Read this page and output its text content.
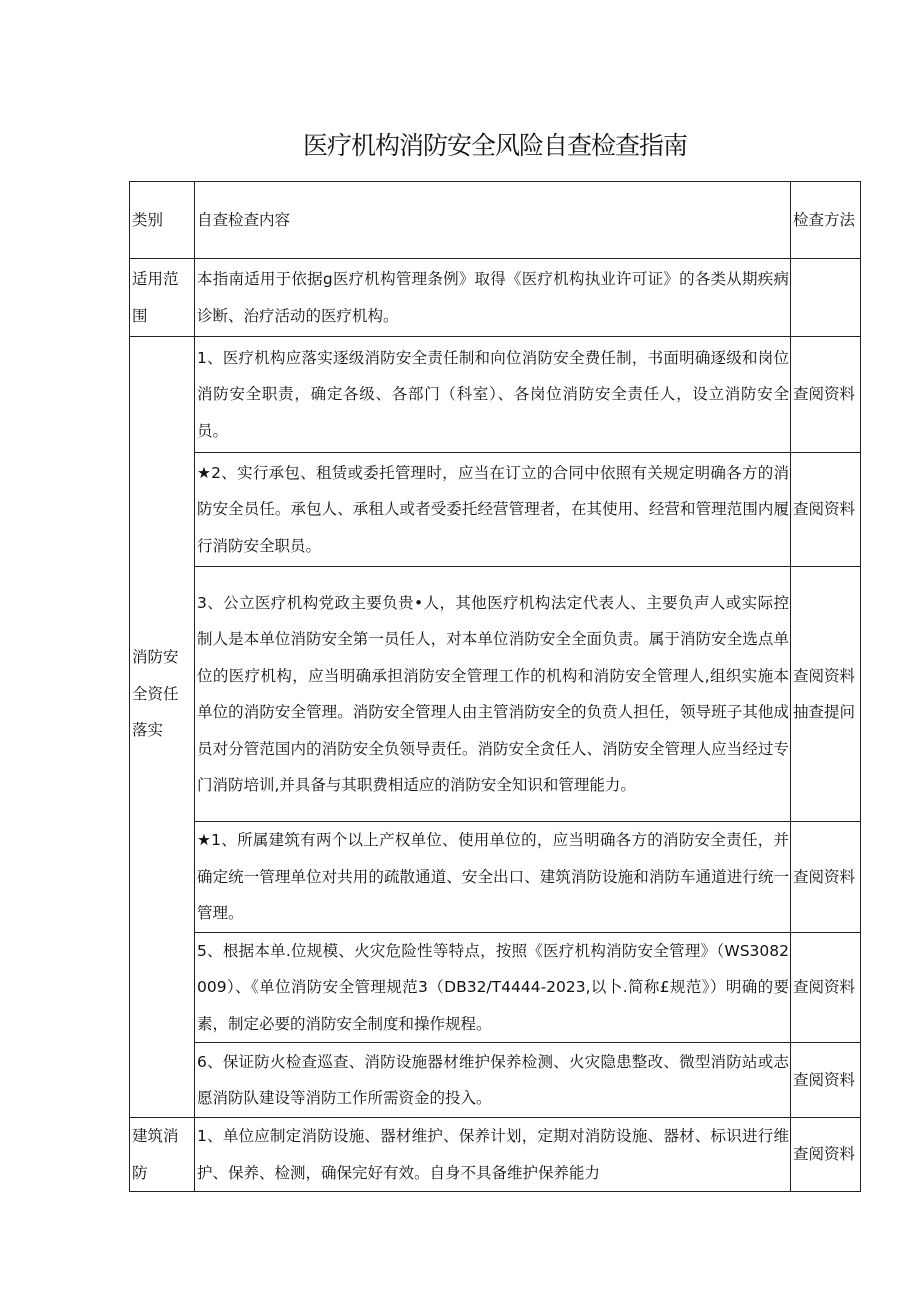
医疗机构消防安全风险自查检查指南
类别	自查检查内容	检查方法
适用范围	本指南适用于依据g医疗机构管理条例》取得《医疗机构执业许可证》的各类从期疾病诊断、治疗活动的医疗机构。	
	1、医疗机构应落实逐级消防安全责任制和向位消防安全费任制，书面明确逐级和岗位消防安全职责，确定各级、各部门（科室）、各岗位消防安全责任人，设立消防安全员。	查阅资料
	★2、实行承包、租赁或委托管理时，应当在订立的合同中依照有关规定明确各方的消防安全员任。承包人、承租人或者受委托经营管理者，在其使用、经营和管理范围内履行消防安全职员。	查阅资料
消防安全资任落实	3、公立医疗机构党政主要负贵•人，其他医疗机构法定代表人、主要负声人或实际控制人是本单位消防安全第一员任人，对本单位消防安全全面负责。属于消防安全选点单位的医疗机构，应当明确承担消防安全管理工作的机构和消防安全管理人,组织实施本单位的消防安全管理。消防安全管理人由主管消防安全的负贲人担任，领导班子其他成员对分管范国内的消防安全负领导责任。消防安全贪任人、消防安全管理人应当经过专门消防培训,并具备与其职费相适应的消防安全知识和管理能力。	查阅资料抽查提问
	★1、所属建筑有两个以上产权单位、使用单位的，应当明确各方的消防安全责任，并确定统一管理单位对共用的疏散通道、安全出口、建筑消防设施和消防车通道进行统一管理。	查阅资料
	5、根据本单.位规模、火灾危险性等特点，按照《医疗机构消防安全管理》（WS3082009）、《单位消防安全管理规范3（DB32/T4444-2023,以卜.简称£规范》）明确的要素，制定必要的消防安全制度和操作规程。	查阅资料
	6、保证防火检查巡查、消防设施器材维护保养检测、火灾隐患整改、微型消防站或志愿消防队建设等消防工作所需资金的投入。	查阅资料
建筑消防	1、单位应制定消防设施、器材维护、保养计划，定期对消防设施、器材、标识进行维护、保养、检测，确保完好有效。自身不具备维护保养能力	查阅资料
